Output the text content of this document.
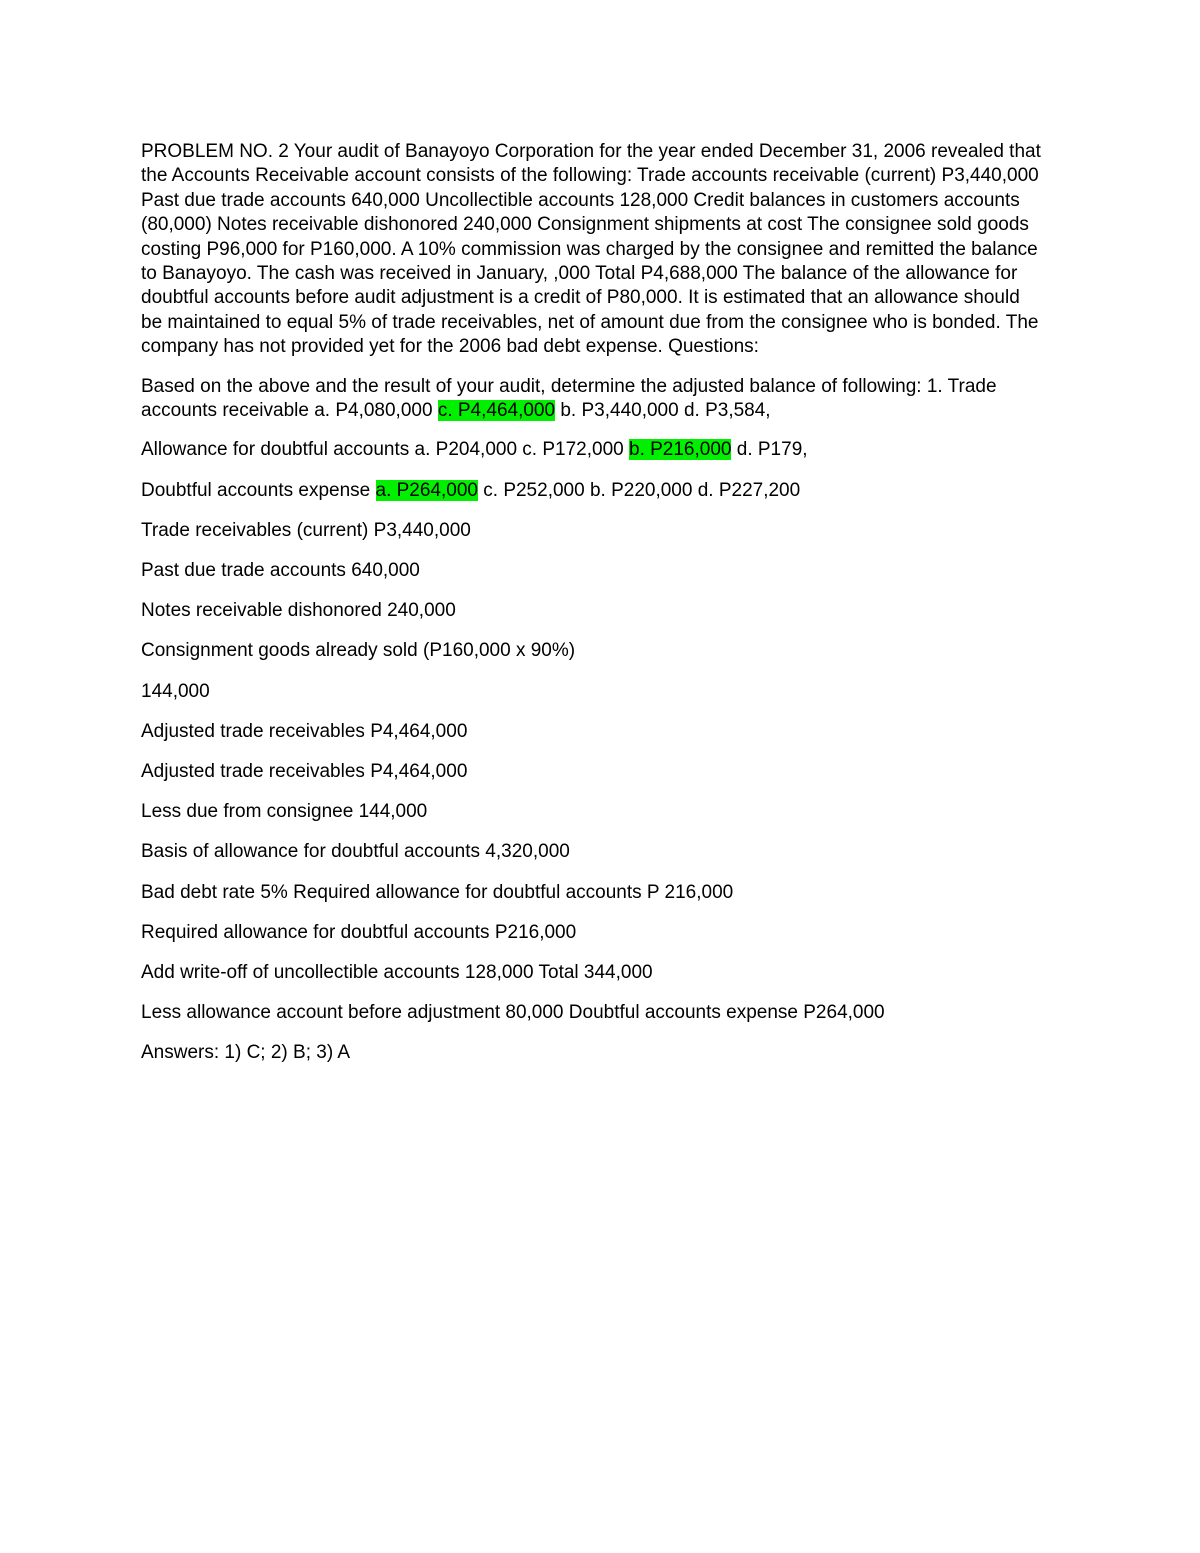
PROBLEM NO. 2 Your audit of Banayoyo Corporation for the year ended December 31, 2006 revealed that the Accounts Receivable account consists of the following: Trade accounts receivable (current) P3,440,000 Past due trade accounts 640,000 Uncollectible accounts 128,000 Credit balances in customers accounts (80,000) Notes receivable dishonored 240,000 Consignment shipments at cost The consignee sold goods costing P96,000 for P160,000. A 10% commission was charged by the consignee and remitted the balance to Banayoyo. The cash was received in January, ,000 Total P4,688,000 The balance of the allowance for doubtful accounts before audit adjustment is a credit of P80,000. It is estimated that an allowance should be maintained to equal 5% of trade receivables, net of amount due from the consignee who is bonded. The company has not provided yet for the 2006 bad debt expense. Questions:

Based on the above and the result of your audit, determine the adjusted balance of following: 1. Trade accounts receivable a. P4,080,000 c. P4,464,000 b. P3,440,000 d. P3,584,

Allowance for doubtful accounts a. P204,000 c. P172,000 b. P216,000 d. P179,

Doubtful accounts expense a. P264,000 c. P252,000 b. P220,000 d. P227,200

Trade receivables (current) P3,440,000

Past due trade accounts 640,000

Notes receivable dishonored 240,000

Consignment goods already sold (P160,000 x 90%)

144,000

Adjusted trade receivables P4,464,000

Adjusted trade receivables P4,464,000

Less due from consignee 144,000

Basis of allowance for doubtful accounts 4,320,000

Bad debt rate 5% Required allowance for doubtful accounts P 216,000

Required allowance for doubtful accounts P216,000

Add write-off of uncollectible accounts 128,000 Total 344,000

Less allowance account before adjustment 80,000 Doubtful accounts expense P264,000

Answers: 1) C; 2) B; 3) A
